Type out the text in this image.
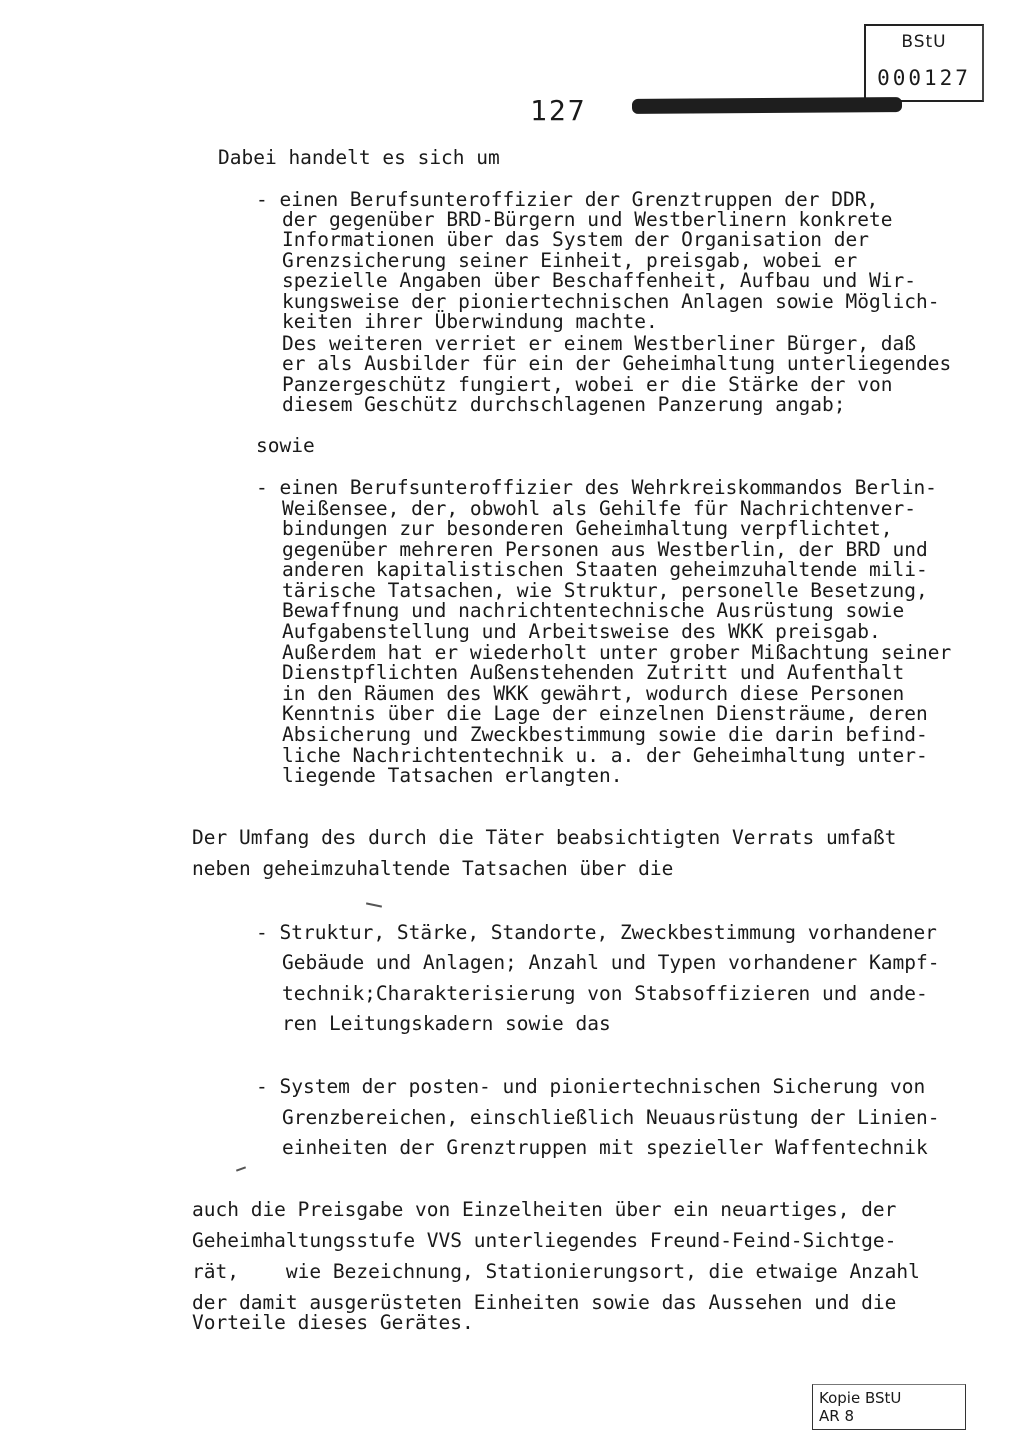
BStU
000127
127
Dabei handelt es sich um
- einen Berufsunteroffizier der Grenztruppen der DDR,
der gegenüber BRD-Bürgern und Westberlinern konkrete
Informationen über das System der Organisation der
Grenzsicherung seiner Einheit, preisgab, wobei er
spezielle Angaben über Beschaffenheit, Aufbau und Wir-
kungsweise der pioniertechnischen Anlagen sowie Möglich-
keiten ihrer Überwindung machte.
Des weiteren verriet er einem Westberliner Bürger, daß
er als Ausbilder für ein der Geheimhaltung unterliegendes
Panzergeschütz fungiert, wobei er die Stärke der von
diesem Geschütz durchschlagenen Panzerung angab;
sowie
- einen Berufsunteroffizier des Wehrkreiskommandos Berlin-
Weißensee, der, obwohl als Gehilfe für Nachrichtenver-
bindungen zur besonderen Geheimhaltung verpflichtet,
gegenüber mehreren Personen aus Westberlin, der BRD und
anderen kapitalistischen Staaten geheimzuhaltende mili-
tärische Tatsachen, wie Struktur, personelle Besetzung,
Bewaffnung und nachrichtentechnische Ausrüstung sowie
Aufgabenstellung und Arbeitsweise des WKK preisgab.
Außerdem hat er wiederholt unter grober Mißachtung seiner
Dienstpflichten Außenstehenden Zutritt und Aufenthalt
in den Räumen des WKK gewährt, wodurch diese Personen
Kenntnis über die Lage der einzelnen Diensträume, deren
Absicherung und Zweckbestimmung sowie die darin befind-
liche Nachrichtentechnik u. a. der Geheimhaltung unter-
liegende Tatsachen erlangten.
Der Umfang des durch die Täter beabsichtigten Verrats umfaßt
neben geheimzuhaltende Tatsachen über die
- Struktur, Stärke, Standorte, Zweckbestimmung vorhandener
Gebäude und Anlagen; Anzahl und Typen vorhandener Kampf-
technik;Charakterisierung von Stabsoffizieren und ande-
ren Leitungskadern sowie das
- System der posten- und pioniertechnischen Sicherung von
Grenzbereichen, einschließlich Neuausrüstung der Linien-
einheiten der Grenztruppen mit spezieller Waffentechnik
auch die Preisgabe von Einzelheiten über ein neuartiges, der
Geheimhaltungsstufe VVS unterliegendes Freund-Feind-Sichtge-
rät,    wie Bezeichnung, Stationierungsort, die etwaige Anzahl
der damit ausgerüsteten Einheiten sowie das Aussehen und die
Vorteile dieses Gerätes.
Kopie BStU
AR 8
